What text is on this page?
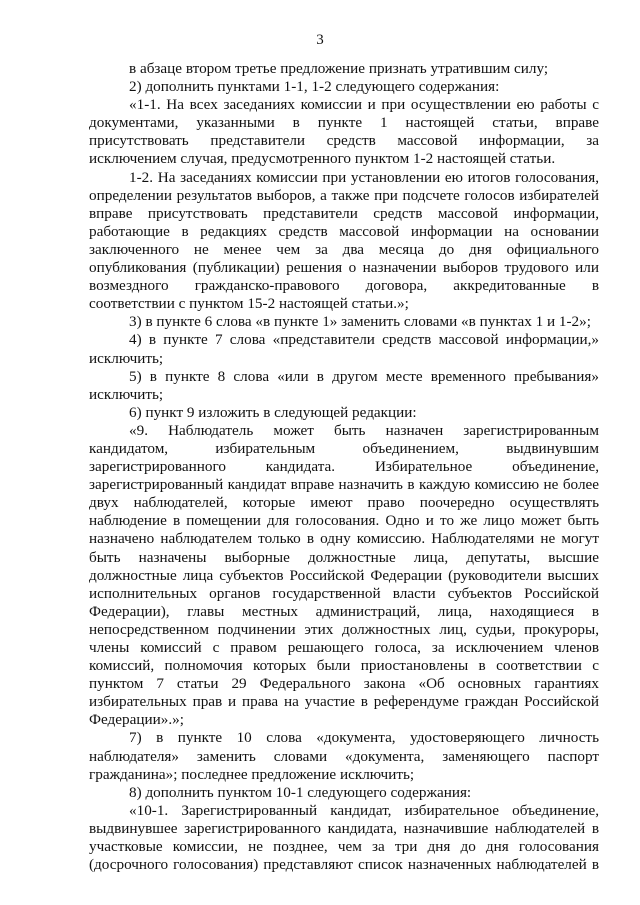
3

в абзаце втором третье предложение признать утратившим силу;

2) дополнить пунктами 1-1, 1-2 следующего содержания:

«1-1. На всех заседаниях комиссии и при осуществлении ею работы с документами, указанными в пункте 1 настоящей статьи, вправе присутствовать представители средств массовой информации, за исключением случая, предусмотренного пунктом 1-2 настоящей статьи.

1-2. На заседаниях комиссии при установлении ею итогов голосования, определении результатов выборов, а также при подсчете голосов избирателей вправе присутствовать представители средств массовой информации, работающие в редакциях средств массовой информации на основании заключенного не менее чем за два месяца до дня официального опубликования (публикации) решения о назначении выборов трудового или возмездного гражданско-правового договора, аккредитованные в соответствии с пунктом 15-2 настоящей статьи.»;

3) в пункте 6 слова «в пункте 1» заменить словами «в пунктах 1 и 1-2»;

4) в пункте 7 слова «представители средств массовой информации,» исключить;

5) в пункте 8 слова «или в другом месте временного пребывания» исключить;

6) пункт 9 изложить в следующей редакции:

«9. Наблюдатель может быть назначен зарегистрированным кандидатом, избирательным объединением, выдвинувшим зарегистрированного кандидата. Избирательное объединение, зарегистрированный кандидат вправе назначить в каждую комиссию не более двух наблюдателей, которые имеют право поочередно осуществлять наблюдение в помещении для голосования. Одно и то же лицо может быть назначено наблюдателем только в одну комиссию. Наблюдателями не могут быть назначены выборные должностные лица, депутаты, высшие должностные лица субъектов Российской Федерации (руководители высших исполнительных органов государственной власти субъектов Российской Федерации), главы местных администраций, лица, находящиеся в непосредственном подчинении этих должностных лиц, судьи, прокуроры, члены комиссий с правом решающего голоса, за исключением членов комиссий, полномочия которых были приостановлены в соответствии с пунктом 7 статьи 29 Федерального закона «Об основных гарантиях избирательных прав и права на участие в референдуме граждан Российской Федерации».»;

7) в пункте 10 слова «документа, удостоверяющего личность наблюдателя» заменить словами «документа, заменяющего паспорт гражданина»; последнее предложение исключить;

8) дополнить пунктом 10-1 следующего содержания:

«10-1. Зарегистрированный кандидат, избирательное объединение, выдвинувшее зарегистрированного кандидата, назначившие наблюдателей в участковые комиссии, не позднее, чем за три дня до дня голосования (досрочного голосования) представляют список назначенных наблюдателей в
